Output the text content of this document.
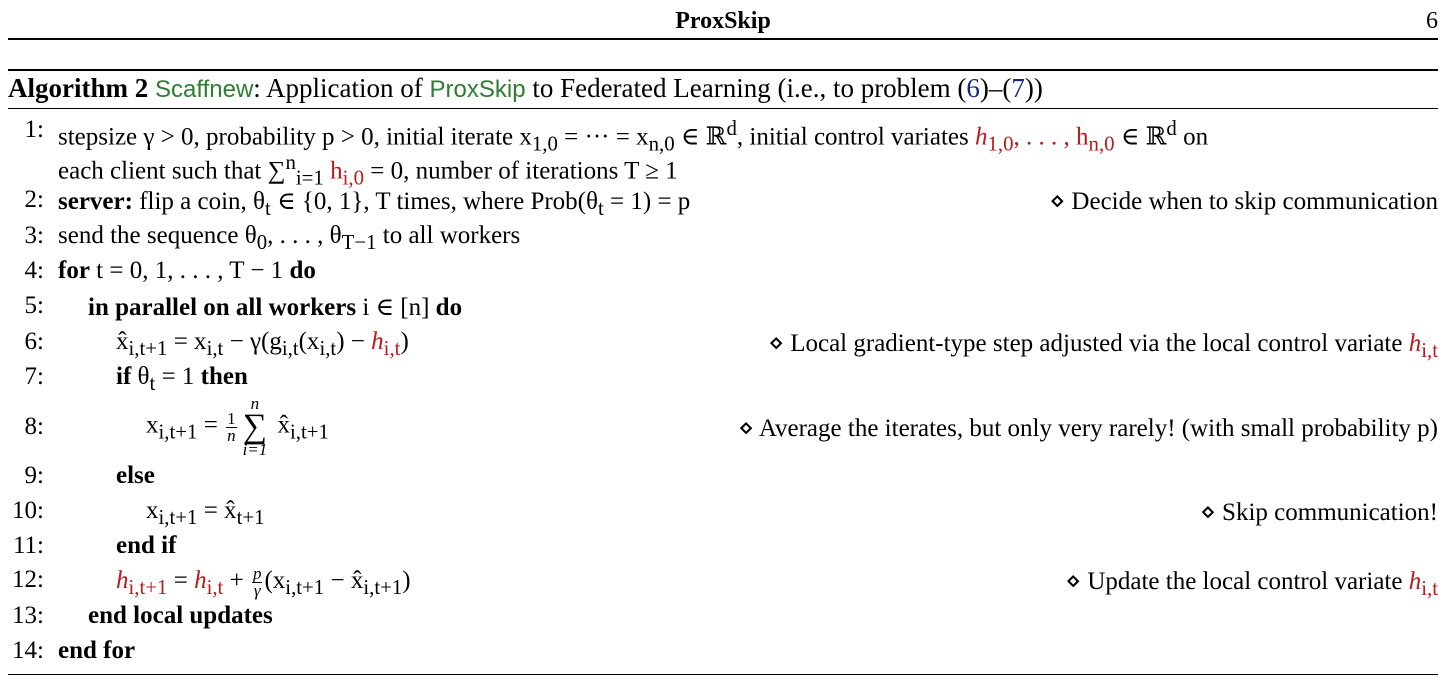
ProxSkip	6
Algorithm 2 Scaffnew: Application of ProxSkip to Federated Learning (i.e., to problem (6)–(7))
1: stepsize γ > 0, probability p > 0, initial iterate $x_{1,0}$ = ··· = $x_{n,0}$ ∈ ℝ$^d$, initial control variates $h_{1,0}$, . . . , $h_{n,0}$ ∈ ℝ$^d$ on
each client such that ∑$^n_{i=1}$ $h_{i,0} = 0$, number of iterations T ≥ 1
2: server: flip a coin, $\theta_t$ ∈ {0, 1}, T times, where $Prob(\theta_t = 1) = p$	⋄ Decide when to skip communication
3: send the sequence $\theta_0$, . . . , $\theta_{T-1}$ to all workers
4: for t = 0, 1, . . . , T − 1 do
5: in parallel on all workers i ∈ [n] do
6:	$x̂_{i,t+1} = x_{i,t} - \gamma(g_{i,t}(x_{i,t}) - h_{i,t})$	⋄ Local gradient-type step adjusted via the local control variate $h_{i,t}$
7:	if $\theta_t = 1$ then
8:	$x_{i,t+1} = \frac{1}{n}$
n
∑
i=1
$x̂_{i,t+1}$	⋄ Average the iterates, but only very rarely! (with small probability p)
9:	else
10:	$x_{i,t+1}$ = $x̂_{t+1}$	⋄ Skip communication!
11:	end if
12:	$h_{i,t+1} = h_{i,t} + \frac{p}{\gamma} (x_{i,t+1}$ − $x̂_{i,t+1}$)	⋄ Update the local control variate $h_{i,t}$
13: end local updates
14: end for
